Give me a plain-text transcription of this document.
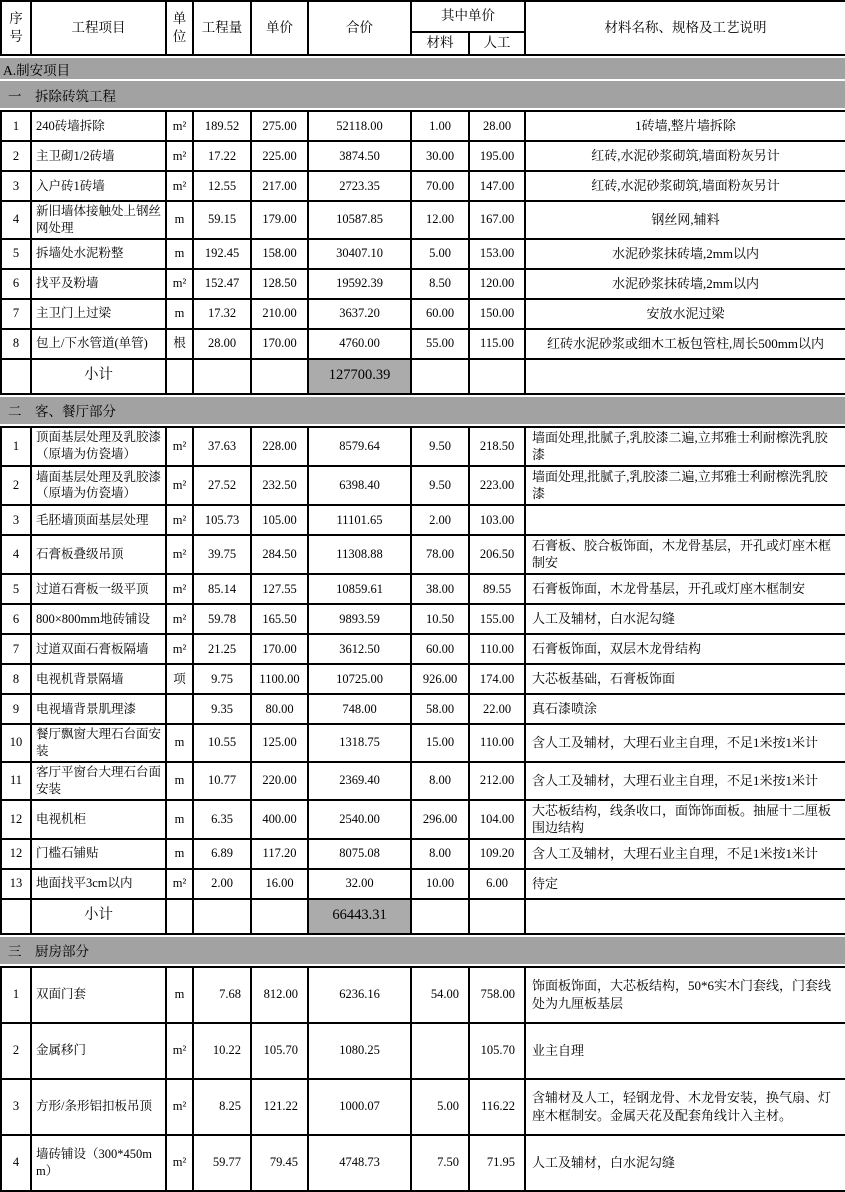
序号	工程项目	单位	工程量	单价	合价	其中单价		材料名称、规格及工艺说明
						材料	人工	
A.制安项目
一　拆除砖筑工程
1	240砖墙拆除	m²	189.52	275.00	52118.00	1.00	28.00	1砖墙,整片墙拆除
2	主卫砌1/2砖墙	m²	17.22	225.00	3874.50	30.00	195.00	红砖,水泥砂浆砌筑,墙面粉灰另计
3	入户砖1砖墙	m²	12.55	217.00	2723.35	70.00	147.00	红砖,水泥砂浆砌筑,墙面粉灰另计
4	新旧墙体接触处上钢丝网处理	m	59.15	179.00	10587.85	12.00	167.00	钢丝网,辅料
5	拆墙处水泥粉整	m	192.45	158.00	30407.10	5.00	153.00	水泥砂浆抹砖墙,2mm以内
6	找平及粉墙	m²	152.47	128.50	19592.39	8.50	120.00	水泥砂浆抹砖墙,2mm以内
7	主卫门上过梁	m	17.32	210.00	3637.20	60.00	150.00	安放水泥过梁
8	包上/下水管道(单管)	根	28.00	170.00	4760.00	55.00	115.00	红砖水泥砂浆或细木工板包管柱,周长500mm以内
	小计				127700.39			
二　客、餐厅部分
1	顶面基层处理及乳胶漆（原墙为仿瓷墙）	m²	37.63	228.00	8579.64	9.50	218.50	墙面处理,批腻子,乳胶漆二遍,立邦雅士利耐檫洗乳胶漆
2	墙面基层处理及乳胶漆（原墙为仿瓷墙）	m²	27.52	232.50	6398.40	9.50	223.00	墙面处理,批腻子,乳胶漆二遍,立邦雅士利耐檫洗乳胶漆
3	毛胚墙顶面基层处理	m²	105.73	105.00	11101.65	2.00	103.00	
4	石膏板叠级吊顶	m²	39.75	284.50	11308.88	78.00	206.50	石膏板、胶合板饰面，木龙骨基层，开孔或灯座木框制安
5	过道石膏板一级平顶	m²	85.14	127.55	10859.61	38.00	89.55	石膏板饰面，木龙骨基层，开孔或灯座木框制安
6	800×800mm地砖铺设	m²	59.78	165.50	9893.59	10.50	155.00	人工及辅材，白水泥勾缝
7	过道双面石膏板隔墙	m²	21.25	170.00	3612.50	60.00	110.00	石膏板饰面，双层木龙骨结构
8	电视机背景隔墙	项	9.75	1100.00	10725.00	926.00	174.00	大芯板基础，石膏板饰面
9	电视墙背景肌理漆		9.35	80.00	748.00	58.00	22.00	真石漆喷涂
10	餐厅飘窗大理石台面安装	m	10.55	125.00	1318.75	15.00	110.00	含人工及辅材，大理石业主自理，不足1米按1米计
11	客厅平窗台大理石台面安装	m	10.77	220.00	2369.40	8.00	212.00	含人工及辅材，大理石业主自理，不足1米按1米计
12	电视机柜	m	6.35	400.00	2540.00	296.00	104.00	大芯板结构，线条收口，面饰饰面板。抽屉十二厘板围边结构
12	门槛石铺贴	m	6.89	117.20	8075.08	8.00	109.20	含人工及辅材，大理石业主自理，不足1米按1米计
13	地面找平3cm以内	m²	2.00	16.00	32.00	10.00	6.00	待定
	小计				66443.31			
三　厨房部分
1	双面门套	m	7.68	812.00	6236.16	54.00	758.00	饰面板饰面，大芯板结构，50*6实木门套线，门套线处为九厘板基层
2	金属移门	m²	10.22	105.70	1080.25		105.70	业主自理
3	方形/条形铝扣板吊顶	m²	8.25	121.22	1000.07	5.00	116.22	含辅材及人工，轻钢龙骨、木龙骨安装，换气扇、灯座木框制安。金属天花及配套角线计入主材。
4	墙砖铺设（300*450mm）	m²	59.77	79.45	4748.73	7.50	71.95	人工及辅材，白水泥勾缝
